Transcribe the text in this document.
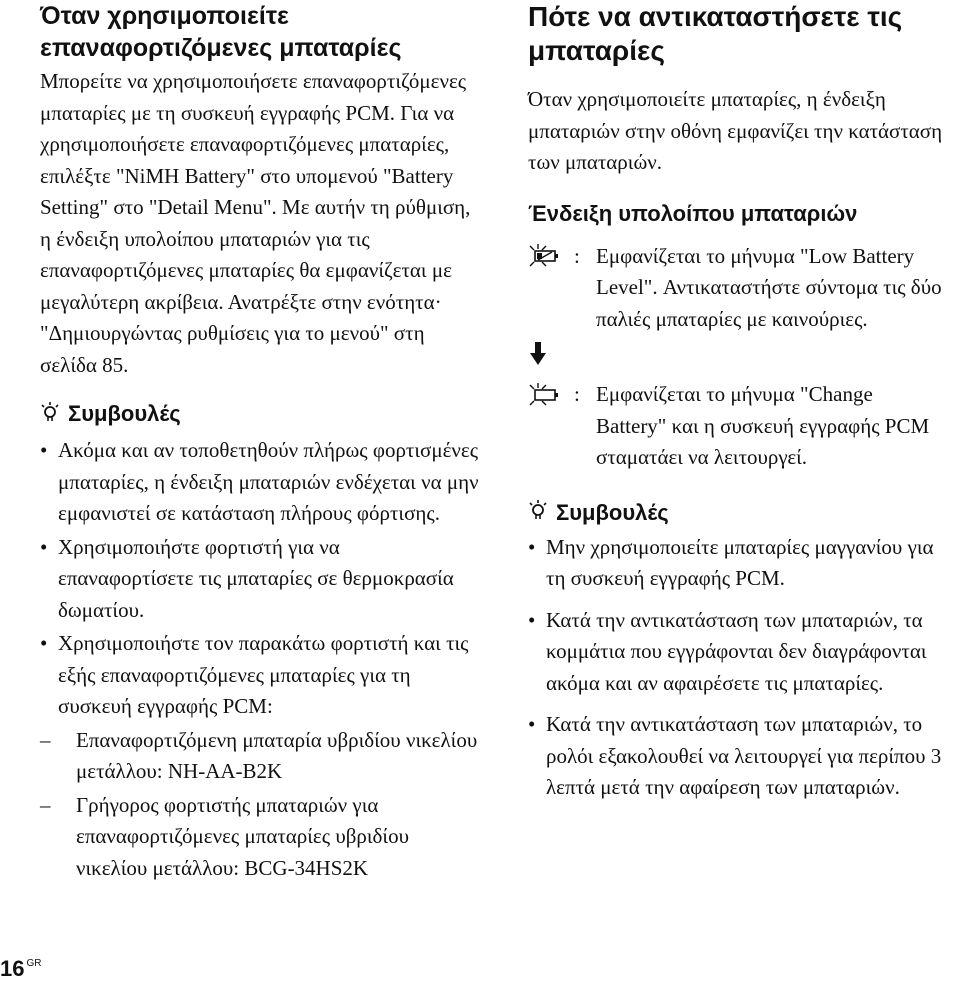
Όταν χρησιμοποιείτε επαναφορτιζόμενες μπαταρίες

Μπορείτε να χρησιμοποιήσετε επαναφορτιζόμενες μπαταρίες με τη συσκευή εγγραφής PCM. Για να χρησιμοποιήσετε επαναφορτιζόμενες μπαταρίες, επιλέξτε "NiMH Battery" στο υπομενού "Battery Setting" στο "Detail Menu". Με αυτήν τη ρύθμιση, η ένδειξη υπολοίπου μπαταριών για τις επαναφορτιζόμενες μπαταρίες θα εμφανίζεται με μεγαλύτερη ακρίβεια. Ανατρέξτε στην ενότητα· "Δημιουργώντας ρυθμίσεις για το μενού" στη σελίδα 85.

Συμβουλές
• Ακόμα και αν τοποθετηθούν πλήρως φορτισμένες μπαταρίες, η ένδειξη μπαταριών ενδέχεται να μην εμφανιστεί σε κατάσταση πλήρους φόρτισης.
• Χρησιμοποιήστε φορτιστή για να επαναφορτίσετε τις μπαταρίες σε θερμοκρασία δωματίου.
• Χρησιμοποιήστε τον παρακάτω φορτιστή και τις εξής επαναφορτιζόμενες μπαταρίες για τη συσκευή εγγραφής PCM:
– Επαναφορτιζόμενη μπαταρία υβριδίου νικελίου μετάλλου: NH-AA-B2K
– Γρήγορος φορτιστής μπαταριών για επαναφορτιζόμενες μπαταρίες υβριδίου νικελίου μετάλλου: BCG-34HS2K
Πότε να αντικαταστήσετε τις μπαταρίες

Όταν χρησιμοποιείτε μπαταρίες, η ένδειξη μπαταριών στην οθόνη εμφανίζει την κατάσταση των μπαταριών.

Ένδειξη υπολοίπου μπαταριών
: Εμφανίζεται το μήνυμα "Low Battery Level". Αντικαταστήστε σύντομα τις δύο παλιές μπαταρίες με καινούριες.
: Εμφανίζεται το μήνυμα "Change Battery" και η συσκευή εγγραφής PCM σταματάει να λειτουργεί.
Συμβουλές
• Μην χρησιμοποιείτε μπαταρίες μαγγανίου για τη συσκευή εγγραφής PCM.
• Κατά την αντικατάσταση των μπαταριών, τα κομμάτια που εγγράφονται δεν διαγράφονται ακόμα και αν αφαιρέσετε τις μπαταρίες.
• Κατά την αντικατάσταση των μπαταριών, το ρολόι εξακολουθεί να λειτουργεί για περίπου 3 λεπτά μετά την αφαίρεση των μπαταριών.
16 $^{GR}$
